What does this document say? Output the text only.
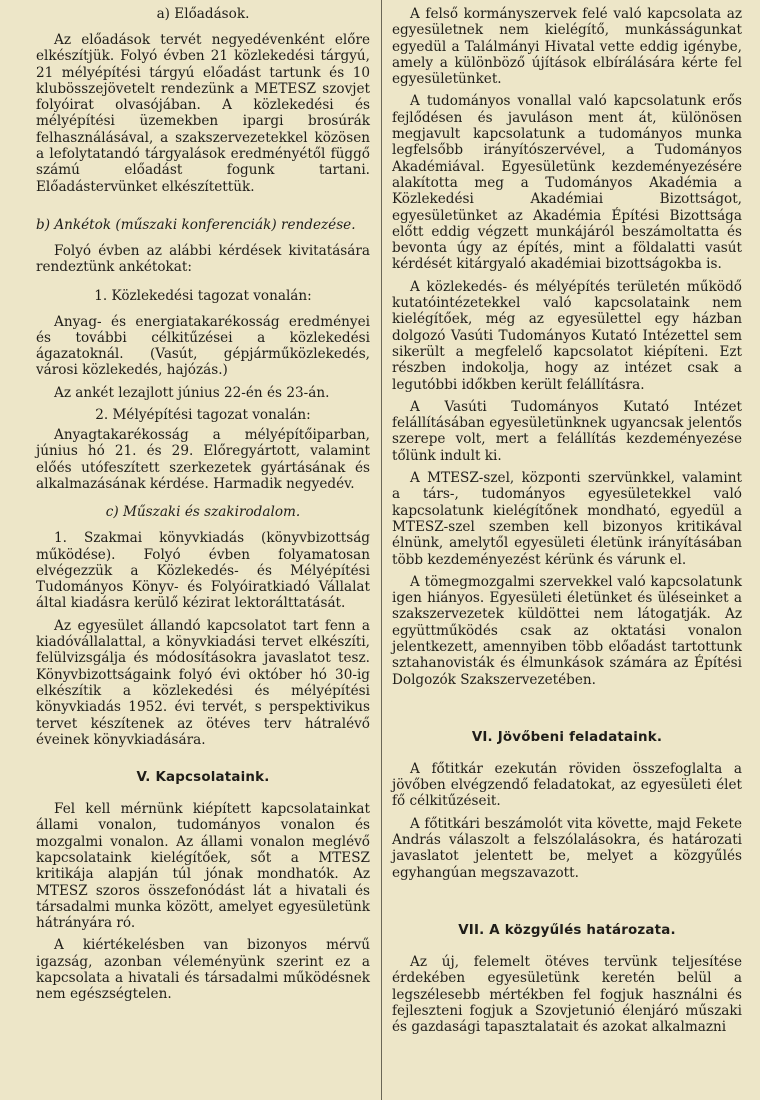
a) Előadások.

Az előadások tervét negyedévenként előre elkészítjük. Folyó évben 21 közlekedési tárgyú, 21 mélyépítési tárgyú előadást tartunk és 10 klubösszejövetelt rendezünk a METESZ szovjet folyóirat olvasójában. A közlekedési és mélyépítési üzemekben ipargi brosúrák felhasználásával, a szakszervezetekkel közösen a lefolytatandó tárgyalások eredményétől függő számú előadást fogunk tartani. Előadástervünket elkészítettük.

b) Ankétok (műszaki konferenciák) rendezése.

Folyó évben az alábbi kérdések kivitatására rendeztünk ankétokat:

1. Közlekedési tagozat vonalán:

Anyag- és energiatakarékosság eredményei és további célkitűzései a közlekedési ágazatoknál. (Vasút, gépjárműközlekedés, városi közlekedés, hajózás.)

Az ankét lezajlott június 22-én és 23-án.

2. Mélyépítési tagozat vonalán:

Anyagtakarékosság a mélyépítőiparban, június hó 21. és 29. Előregyártott, valamint előés utófeszített szerkezetek gyártásának és alkalmazásának kérdése. Harmadik negyedév.

c) Műszaki és szakirodalom.

1. Szakmai könyvkiadás (könyvbizottság működése). Folyó évben folyamatosan elvégezzük a Közlekedés- és Mélyépítési Tudományos Könyv- és Folyóiratkiadó Vállalat által kiadásra kerülő kézirat lektorálttatását.

Az egyesület állandó kapcsolatot tart fenn a kiadóvállalattal, a könyvkiadási tervet elkészíti, felülvizsgálja és módosításokra javaslatot tesz. Könyvbizottságaink folyó évi október hó 30-ig elkészítik a közlekedési és mélyépítési könyvkiadás 1952. évi tervét, s perspektivikus tervet készítenek az ötéves terv hátralévő éveinek könyvkiadására.

V. Kapcsolataink.

Fel kell mérnünk kiépített kapcsolatainkat állami vonalon, tudományos vonalon és mozgalmi vonalon. Az állami vonalon meglévő kapcsolataink kielégítőek, sőt a MTESZ kritikája alapján túl jónak mondhatók. Az MTESZ szoros összefonódást lát a hivatali és társadalmi munka között, amelyet egyesületünk hátrányára ró.

A kiértékelésben van bizonyos mérvű igazság, azonban véleményünk szerint ez a kapcsolata a hivatali és társadalmi működésnek nem egészségtelen.

A felső kormányszervek felé való kapcsolata az egyesületnek nem kielégítő, munkásságunkat egyedül a Találmányi Hivatal vette eddig igénybe, amely a különböző újítások elbírálására kérte fel egyesületünket.

A tudományos vonallal való kapcsolatunk erős fejlődésen és javuláson ment át, különösen megjavult kapcsolatunk a tudományos munka legfelsőbb irányítószervével, a Tudományos Akadémiával. Egyesületünk kezdeményezésére alakította meg a Tudományos Akadémia a Közlekedési Akadémiai Bizottságot, egyesületünket az Akadémia Építési Bizottsága előtt eddig végzett munkájáról beszámoltatta és bevonta úgy az építés, mint a földalatti vasút kérdését kitárgyaló akadémiai bizottságokba is.

A közlekedés- és mélyépítés területén működő kutatóintézetekkel való kapcsolataink nem kielégítőek, még az egyesülettel egy házban dolgozó Vasúti Tudományos Kutató Intézettel sem sikerült a megfelelő kapcsolatot kiépíteni. Ezt részben indokolja, hogy az intézet csak a legutóbbi időkben került felállításra.

A Vasúti Tudományos Kutató Intézet felállításában egyesületünknek ugyancsak jelentős szerepe volt, mert a felállítás kezdeményezése tőlünk indult ki.

A MTESZ-szel, központi szervünkkel, valamint a társ-, tudományos egyesületekkel való kapcsolatunk kielégítőnek mondható, egyedül a MTESZ-szel szemben kell bizonyos kritikával élnünk, amelytől egyesületi életünk irányításában több kezdeményezést kérünk és várunk el.

A tömegmozgalmi szervekkel való kapcsolatunk igen hiányos. Egyesületi életünket és üléseinket a szakszervezetek küldöttei nem látogatják. Az együttműködés csak az oktatási vonalon jelentkezett, amennyiben több előadást tartottunk sztahanovisták és élmunkások számára az Építési Dolgozók Szakszervezetében.

VI. Jövőbeni feladataink.

A főtitkár ezekután röviden összefoglalta a jövőben elvégzendő feladatokat, az egyesületi élet fő célkitűzéseit.

A főtitkári beszámolót vita követte, majd Fekete András válaszolt a felszólalásokra, és határozati javaslatot jelentett be, melyet a közgyűlés egyhangúan megszavazott.

VII. A közgyűlés határozata.

Az új, felemelt ötéves tervünk teljesítése érdekében egyesületünk keretén belül a legszélesebb mértékben fel fogjuk használni és fejleszteni fogjuk a Szovjetunió élenjáró műszaki és gazdasági tapasztalatait és azokat alkalmazni
